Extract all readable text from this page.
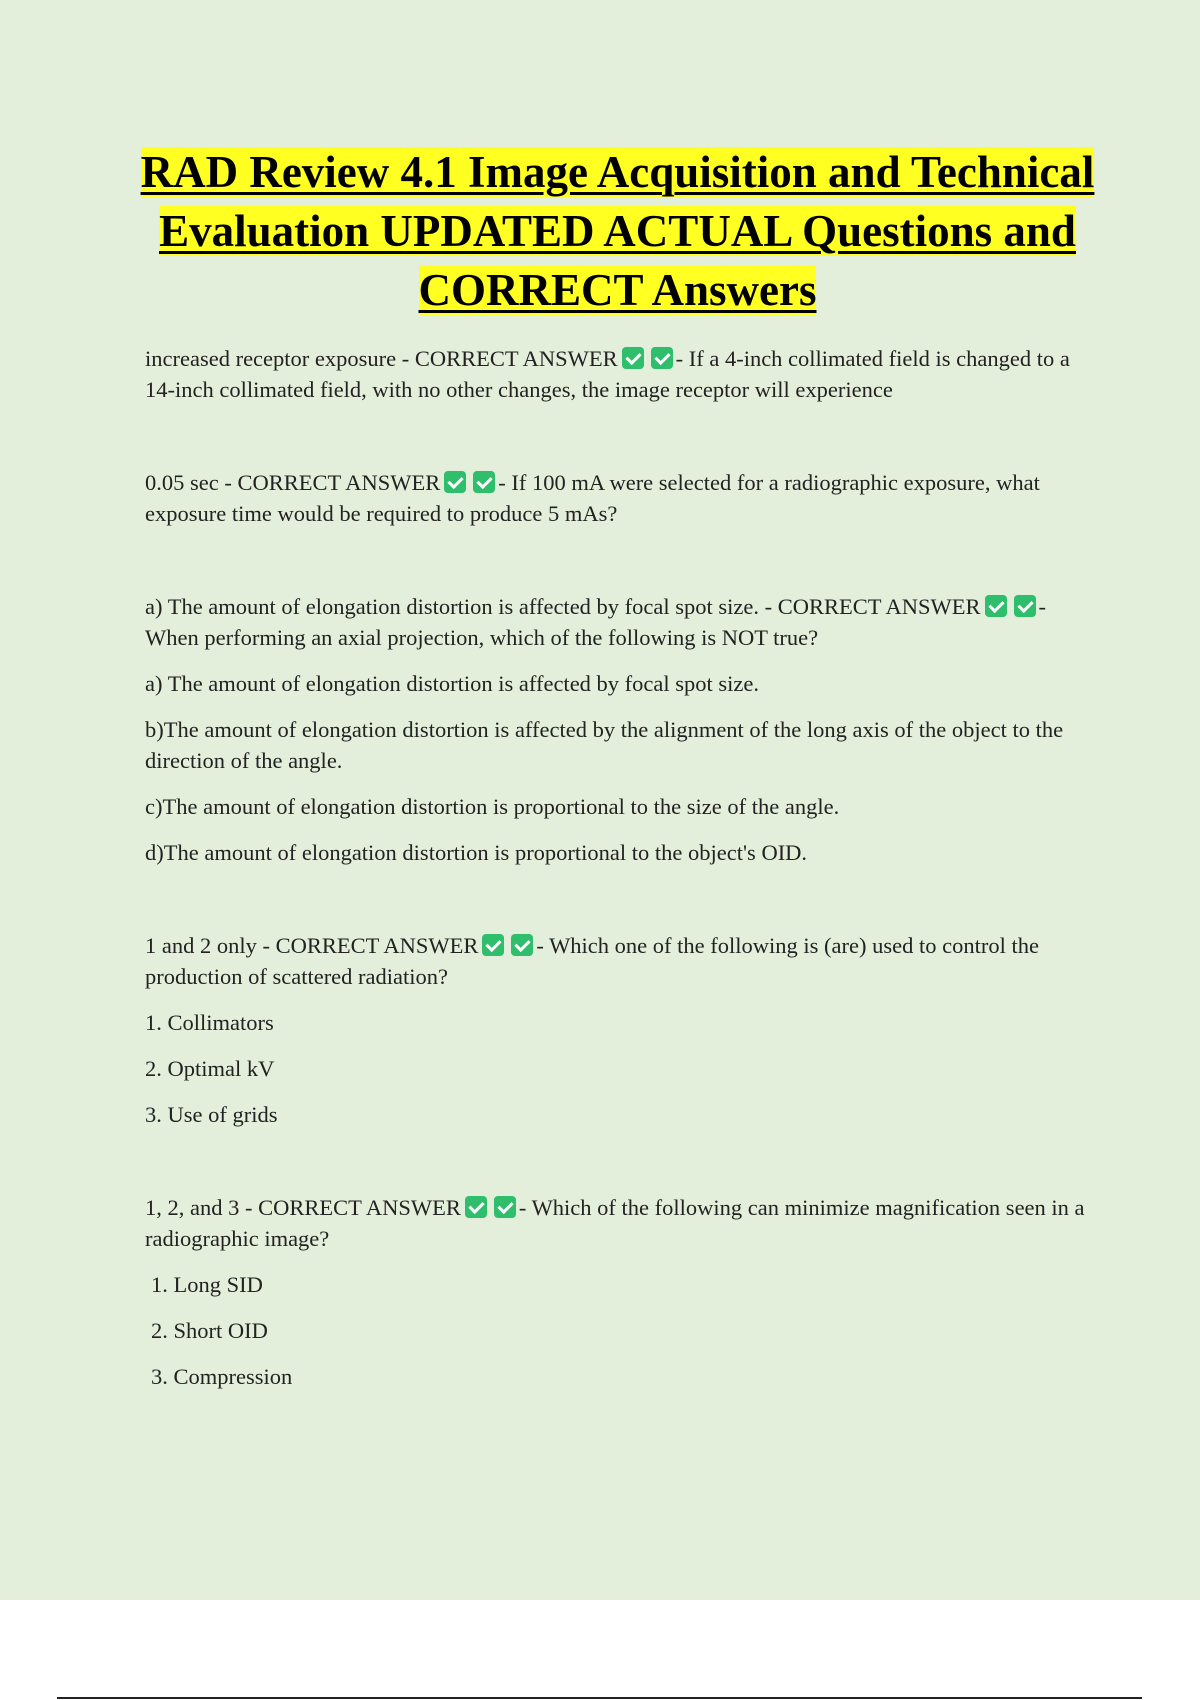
RAD Review 4.1 Image Acquisition and Technical Evaluation UPDATED ACTUAL Questions and CORRECT Answers

increased receptor exposure - CORRECT ANSWER	- If a 4-inch collimated field is changed to a 14-inch collimated field, with no other changes, the image receptor will experience

0.05 sec - CORRECT ANSWER	- If 100 mA were selected for a radiographic exposure, what exposure time would be required to produce 5 mAs?

a) The amount of elongation distortion is affected by focal spot size. - CORRECT ANSWER	- When performing an axial projection, which of the following is NOT true?

a) The amount of elongation distortion is affected by focal spot size.

b)The amount of elongation distortion is affected by the alignment of the long axis of the object to the direction of the angle.

c)The amount of elongation distortion is proportional to the size of the angle.

d)The amount of elongation distortion is proportional to the object's OID.

1 and 2 only - CORRECT ANSWER	- Which one of the following is (are) used to control the production of scattered radiation?

1. Collimators

2. Optimal kV

3. Use of grids

1, 2, and 3 - CORRECT ANSWER	- Which of the following can minimize magnification seen in a radiographic image?

1. Long SID

2. Short OID

3. Compression
